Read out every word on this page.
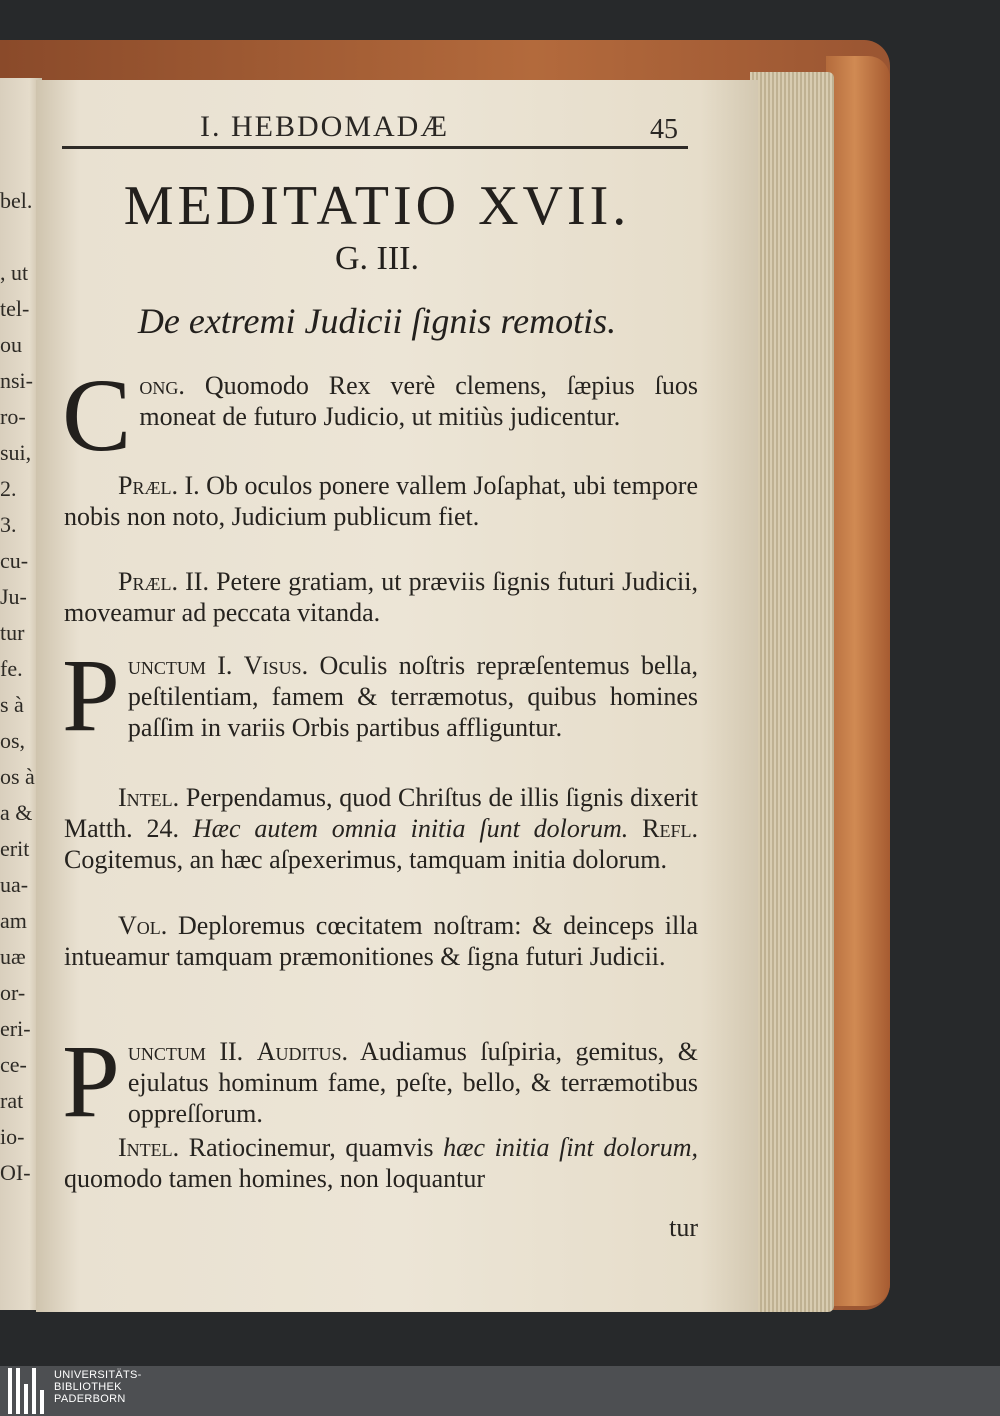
bel.
, ut
tel-
ou
nsi-
ro-
sui,
2.
3.
cu-
Ju-
tur
fe.
s à
os,
os à
a &
erit
ua-
am
uæ
or-
eri-
ce-
rat
io-
OI-
I. HEBDOMADÆ	45
MEDITATIO XVII.
G. III.
De extremi Judicii ſignis remotis.
Cong. Quomodo Rex verè clemens, ſæpius ſuos moneat de futuro Judicio, ut mitiùs judicentur.
Præl. I. Ob oculos ponere vallem Joſaphat, ubi tempore nobis non noto, Judicium publicum fiet.
Præl. II. Petere gratiam, ut præviis ſignis futuri Judicii, moveamur ad peccata vitanda.
Punctum I. Visus. Oculis noſtris repræſentemus bella, peſtilentiam, famem & terræmotus, quibus homines paſſim in variis Orbis partibus affliguntur.
Intel. Perpendamus, quod Chriſtus de illis ſignis dixerit Matth. 24. Hæc autem omnia initia ſunt dolorum. Refl. Cogitemus, an hæc aſpexerimus, tamquam initia dolorum.
Vol. Deploremus cœcitatem noſtram: & deinceps illa intueamur tamquam præmonitiones & ſigna futuri Judicii.
Punctum II. Auditus. Audiamus ſuſpiria, gemitus, & ejulatus hominum fame, peſte, bello, & terræmotibus oppreſſorum.
Intel. Ratiocinemur, quamvis hæc initia ſint dolorum, quomodo tamen homines, non loquantur
tur
UNIVERSITÄTS-
BIBLIOTHEK
PADERBORN
